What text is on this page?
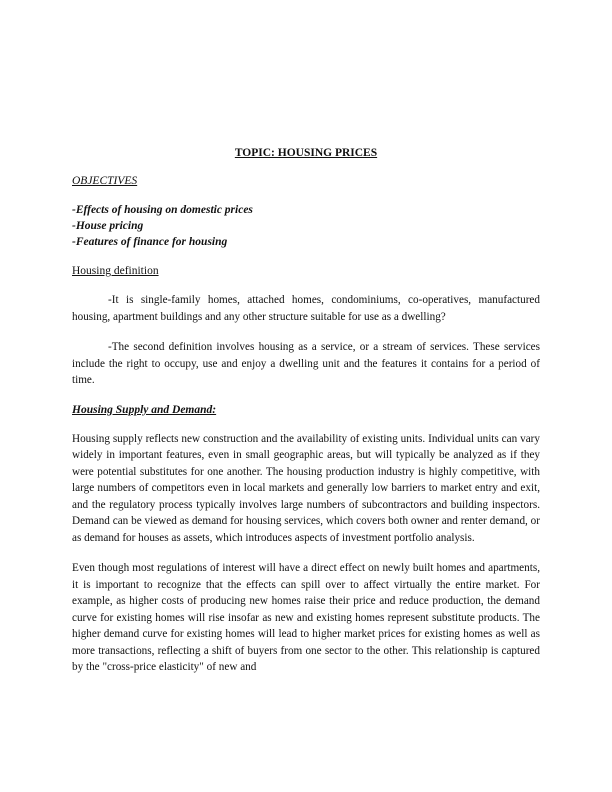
TOPIC: HOUSING PRICES
OBJECTIVES
-Effects of housing on domestic prices
-House pricing
-Features of finance for housing
Housing definition

-It is single-family homes, attached homes, condominiums, co-operatives, manufactured housing, apartment buildings and any other structure suitable for use as a dwelling?

-The second definition involves housing as a service, or a stream of services. These services include the right to occupy, use and enjoy a dwelling unit and the features it contains for a period of time.

Housing Supply and Demand:

Housing supply reflects new construction and the availability of existing units. Individual units can vary widely in important features, even in small geographic areas, but will typically be analyzed as if they were potential substitutes for one another. The housing production industry is highly competitive, with large numbers of competitors even in local markets and generally low barriers to market entry and exit, and the regulatory process typically involves large numbers of subcontractors and building inspectors. Demand can be viewed as demand for housing services, which covers both owner and renter demand, or as demand for houses as assets, which introduces aspects of investment portfolio analysis.

Even though most regulations of interest will have a direct effect on newly built homes and apartments, it is important to recognize that the effects can spill over to affect virtually the entire market. For example, as higher costs of producing new homes raise their price and reduce production, the demand curve for existing homes will rise insofar as new and existing homes represent substitute products. The higher demand curve for existing homes will lead to higher market prices for existing homes as well as more transactions, reflecting a shift of buyers from one sector to the other. This relationship is captured by the "cross-price elasticity" of new and
